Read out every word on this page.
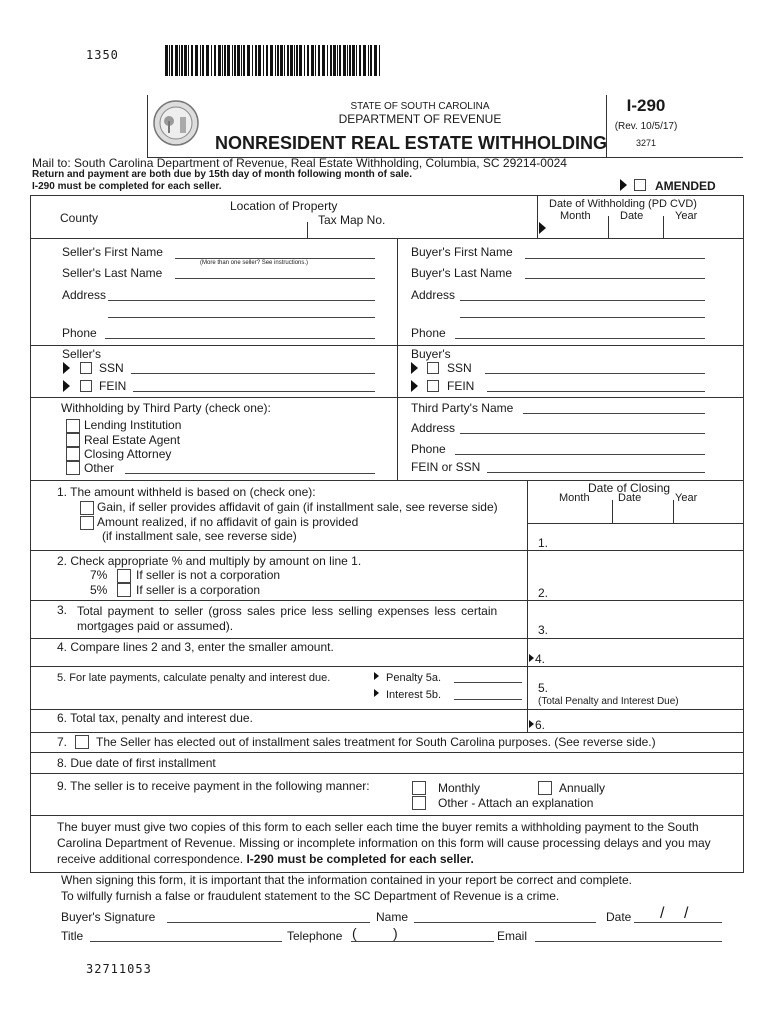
1350
STATE OF SOUTH CAROLINA
DEPARTMENT OF REVENUE
NONRESIDENT REAL ESTATE WITHHOLDING
I-290
(Rev. 10/5/17)
3271
Mail to: South Carolina Department of Revenue, Real Estate Withholding, Columbia, SC 29214-0024
Return and payment are both due by 15th day of month following month of sale.
I-290 must be completed for each seller.	AMENDED
Location of Property
County	Tax Map No.
Date of Withholding (PD CVD)
Month	Date	Year
Seller's First Name
(More than one seller? See instructions.)
Seller's Last Name
Address
Phone
Buyer's First Name
Buyer's Last Name
Address
Phone
Seller's
SSN
FEIN
Buyer's
SSN
FEIN
Withholding by Third Party (check one):
Lending Institution
Real Estate Agent
Closing Attorney
Other
Third Party's Name
Address
Phone
FEIN or SSN
1. The amount withheld is based on (check one):
Gain, if seller provides affidavit of gain (if installment sale, see reverse side)
Amount realized, if no affidavit of gain is provided
(if installment sale, see reverse side)
Date of Closing
Month	Date	Year
1.
2. Check appropriate % and multiply by amount on line 1.
7% If seller is not a corporation
5% If seller is a corporation	2.
3. Total payment to seller (gross sales price less selling expenses less certain
mortgages paid or assumed).	3.
4. Compare lines 2 and 3, enter the smaller amount.
4.
5. For late payments, calculate penalty and interest due.	Penalty 5a.
Interest 5b.	5.
(Total Penalty and Interest Due)
6. Total tax, penalty and interest due.	6.
7. The Seller has elected out of installment sales treatment for South Carolina purposes. (See reverse side.)
8. Due date of first installment
9. The seller is to receive payment in the following manner:	Monthly	Annually
Other - Attach an explanation
The buyer must give two copies of this form to each seller each time the buyer remits a withholding payment to the South Carolina Department of Revenue. Missing or incomplete information on this form will cause processing delays and you may receive additional correspondence. I-290 must be completed for each seller.
When signing this form, it is important that the information contained in your report be correct and complete.
To wilfully furnish a false or fraudulent statement to the SC Department of Revenue is a crime.
Buyer's Signature	Name	Date / /
Title	Telephone (	)	Email
32711053
